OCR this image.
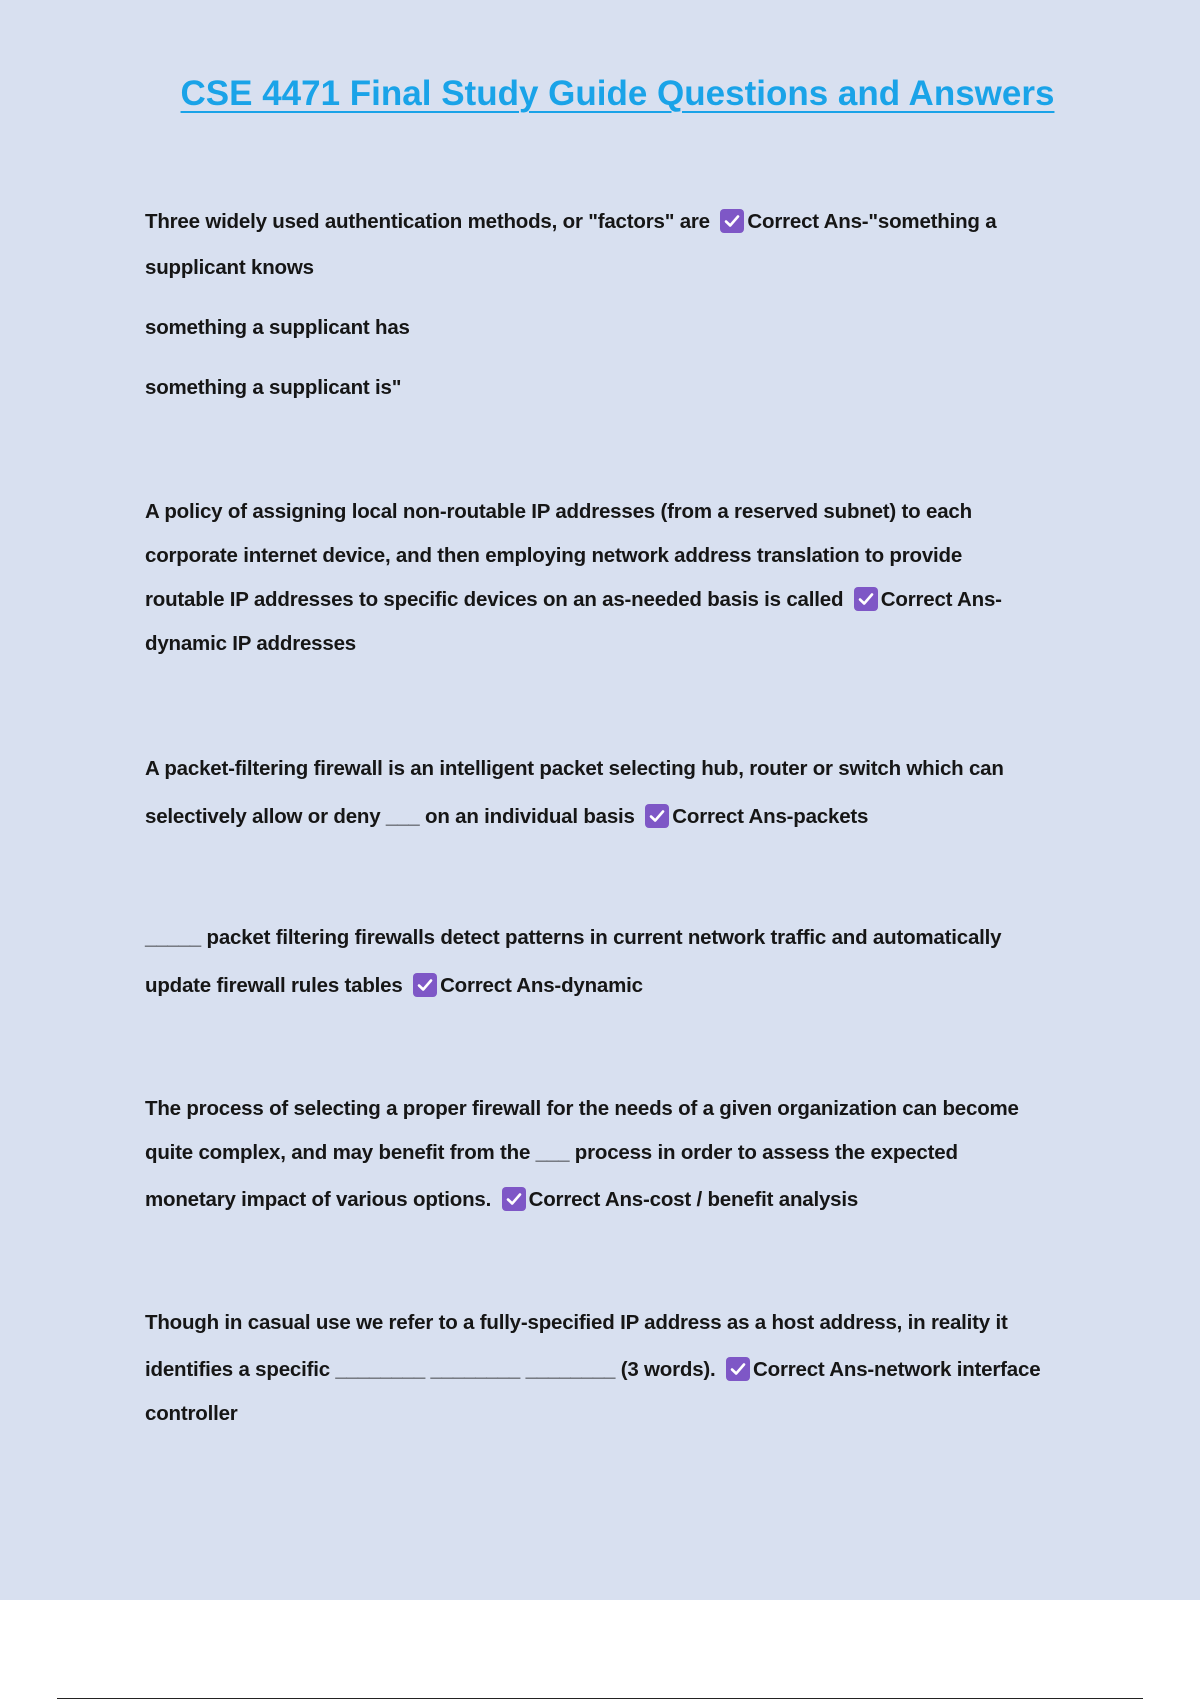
CSE 4471 Final Study Guide Questions and Answers
Three widely used authentication methods, or "factors" are
Correct Ans-"something a
supplicant knows
something a supplicant has
something a supplicant is"
A policy of assigning local non-routable IP addresses (from a reserved subnet) to each
corporate internet device, and then employing network address translation to provide
routable IP addresses to specific devices on an as-needed basis is called
Correct Ans-
dynamic IP addresses
A packet-filtering firewall is an intelligent packet selecting hub, router or switch which can
selectively allow or deny ___ on an individual basis
Correct Ans-packets
_____ packet filtering firewalls detect patterns in current network traffic and automatically
update firewall rules tables
Correct Ans-dynamic
The process of selecting a proper firewall for the needs of a given organization can become
quite complex, and may benefit from the ___ process in order to assess the expected
monetary impact of various options.
Correct Ans-cost / benefit analysis
Though in casual use we refer to a fully-specified IP address as a host address, in reality it
identifies a specific ________ ________ ________ (3 words).
Correct Ans-network interface
controller
